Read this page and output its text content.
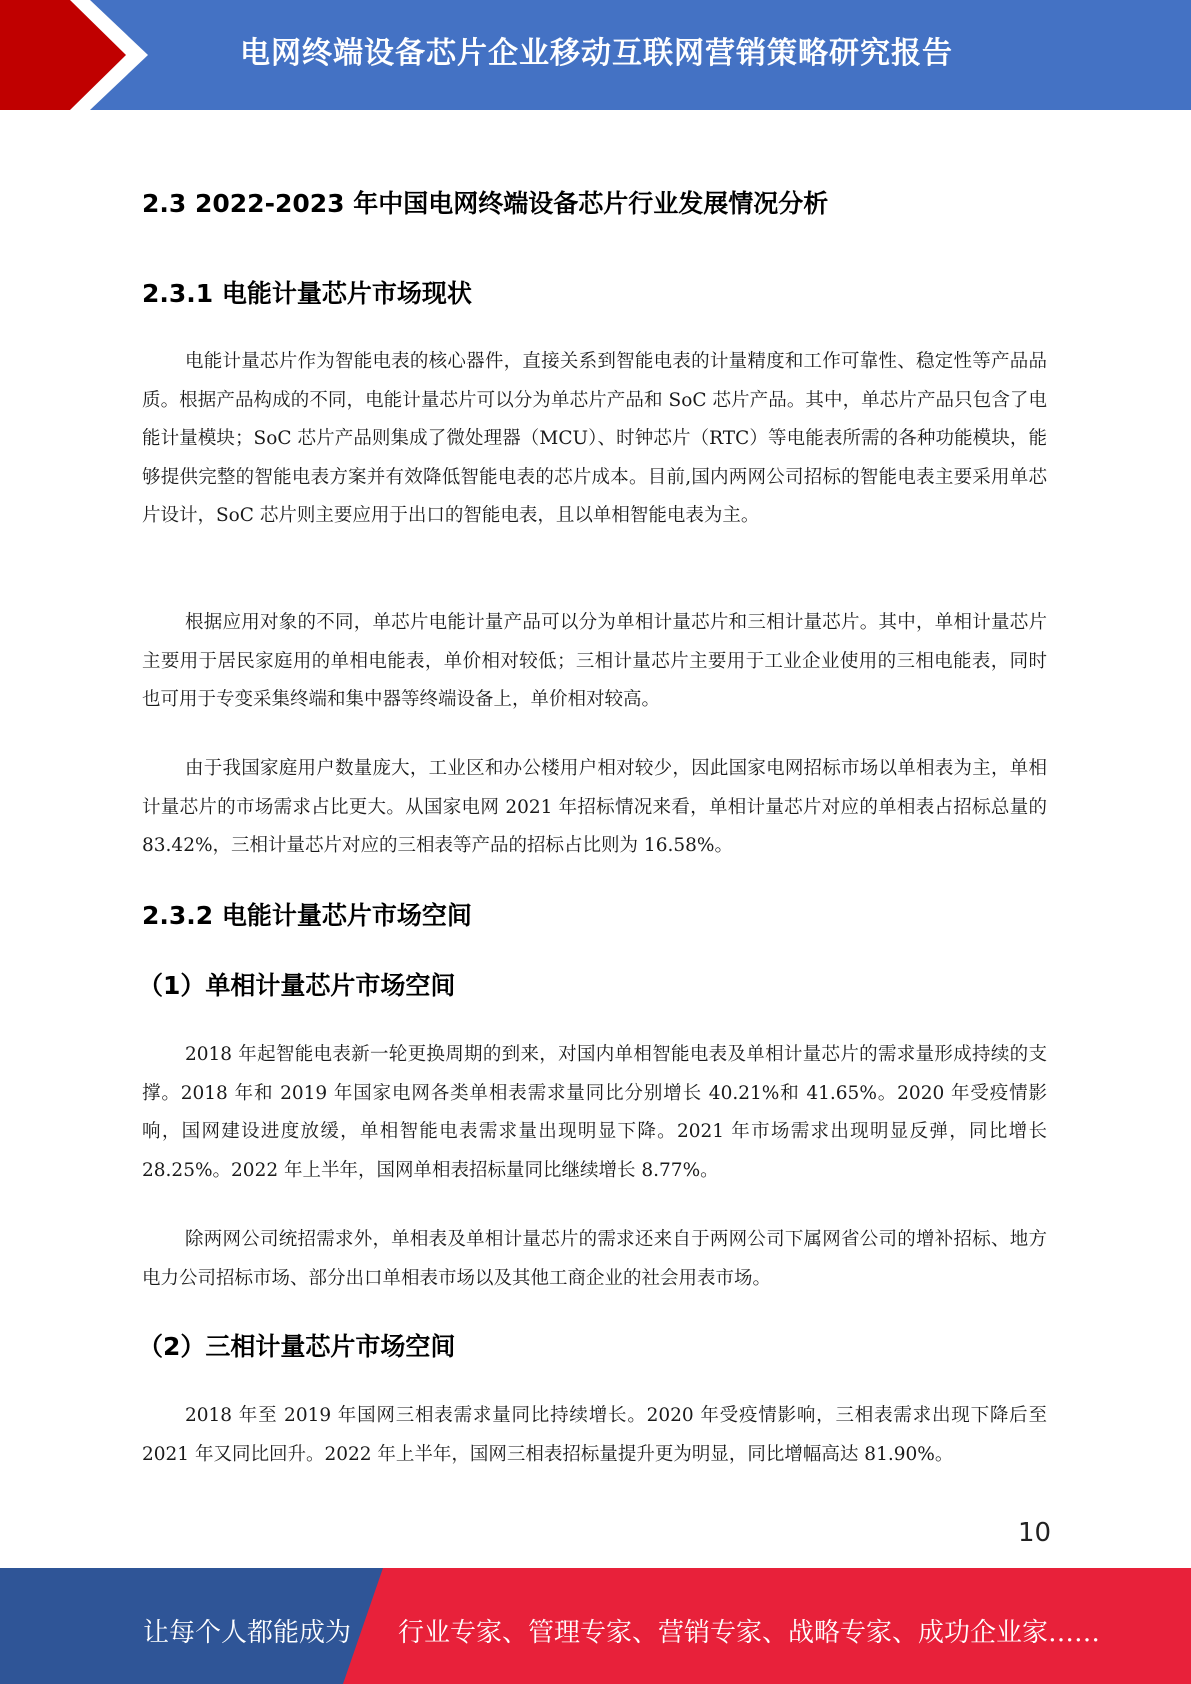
电网终端设备芯片企业移动互联网营销策略研究报告
2.3 2022-2023 年中国电网终端设备芯片行业发展情况分析
2.3.1 电能计量芯片市场现状

电能计量芯片作为智能电表的核心器件，直接关系到智能电表的计量精度和工作可靠性、稳定性等产品品质。根据产品构成的不同，电能计量芯片可以分为单芯片产品和 SoC 芯片产品。其中，单芯片产品只包含了电能计量模块；SoC 芯片产品则集成了微处理器（MCU）、时钟芯片（RTC）等电能表所需的各种功能模块，能够提供完整的智能电表方案并有效降低智能电表的芯片成本。目前,国内两网公司招标的智能电表主要采用单芯片设计，SoC 芯片则主要应用于出口的智能电表，且以单相智能电表为主。

根据应用对象的不同，单芯片电能计量产品可以分为单相计量芯片和三相计量芯片。其中，单相计量芯片主要用于居民家庭用的单相电能表，单价相对较低；三相计量芯片主要用于工业企业使用的三相电能表，同时也可用于专变采集终端和集中器等终端设备上，单价相对较高。

由于我国家庭用户数量庞大，工业区和办公楼用户相对较少，因此国家电网招标市场以单相表为主，单相计量芯片的市场需求占比更大。从国家电网 2021 年招标情况来看，单相计量芯片对应的单相表占招标总量的 83.42%，三相计量芯片对应的三相表等产品的招标占比则为 16.58%。

2.3.2 电能计量芯片市场空间
（1）单相计量芯片市场空间

2018 年起智能电表新一轮更换周期的到来，对国内单相智能电表及单相计量芯片的需求量形成持续的支撑。2018 年和 2019 年国家电网各类单相表需求量同比分别增长 40.21%和 41.65%。2020 年受疫情影响，国网建设进度放缓，单相智能电表需求量出现明显下降。2021 年市场需求出现明显反弹，同比增长 28.25%。2022 年上半年，国网单相表招标量同比继续增长 8.77%。

除两网公司统招需求外，单相表及单相计量芯片的需求还来自于两网公司下属网省公司的增补招标、地方电力公司招标市场、部分出口单相表市场以及其他工商企业的社会用表市场。

（2）三相计量芯片市场空间

2018 年至 2019 年国网三相表需求量同比持续增长。2020 年受疫情影响，三相表需求出现下降后至 2021 年又同比回升。2022 年上半年，国网三相表招标量提升更为明显，同比增幅高达 81.90%。

10
让每个人都能成为 行业专家、管理专家、营销专家、战略专家、成功企业家……
